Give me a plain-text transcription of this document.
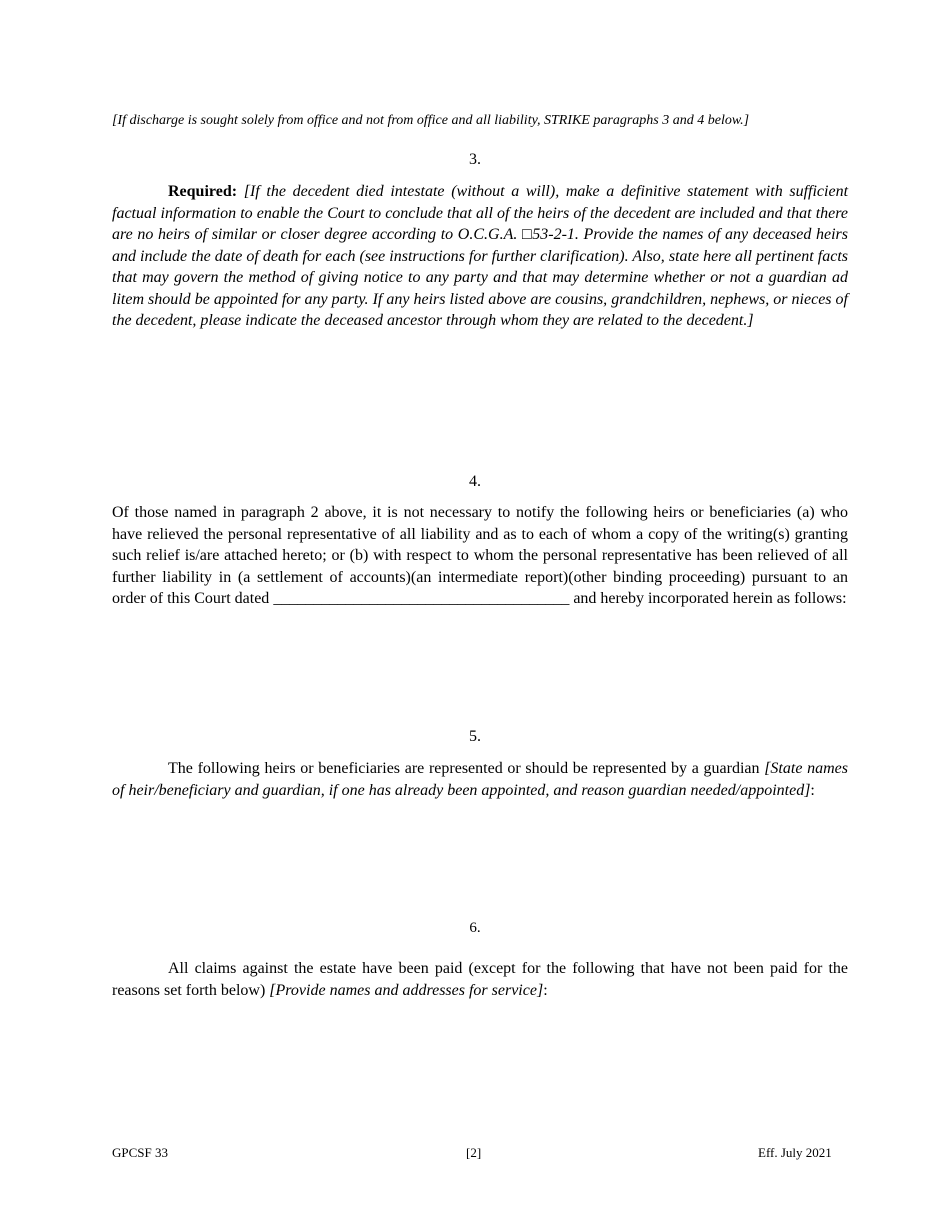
[If discharge is sought solely from office and not from office and all liability, STRIKE paragraphs 3 and 4 below.]
3.
Required: [If the decedent died intestate (without a will), make a definitive statement with sufficient factual information to enable the Court to conclude that all of the heirs of the decedent are included and that there are no heirs of similar or closer degree according to O.C.G.A. □53-2-1. Provide the names of any deceased heirs and include the date of death for each (see instructions for further clarification). Also, state here all pertinent facts that may govern the method of giving notice to any party and that may determine whether or not a guardian ad litem should be appointed for any party. If any heirs listed above are cousins, grandchildren, nephews, or nieces of the decedent, please indicate the deceased ancestor through whom they are related to the decedent.]
4.
Of those named in paragraph 2 above, it is not necessary to notify the following heirs or beneficiaries (a) who have relieved the personal representative of all liability and as to each of whom a copy of the writing(s) granting such relief is/are attached hereto; or (b) with respect to whom the personal representative has been relieved of all further liability in (a settlement of accounts)(an intermediate report)(other binding proceeding) pursuant to an order of this Court dated _____________________________________ and hereby incorporated herein as follows:
5.
The following heirs or beneficiaries are represented or should be represented by a guardian [State names of heir/beneficiary and guardian, if one has already been appointed, and reason guardian needed/appointed]:
6.
All claims against the estate have been paid (except for the following that have not been paid for the reasons set forth below) [Provide names and addresses for service]:
GPCSF 33	[2]	Eff. July 2021
